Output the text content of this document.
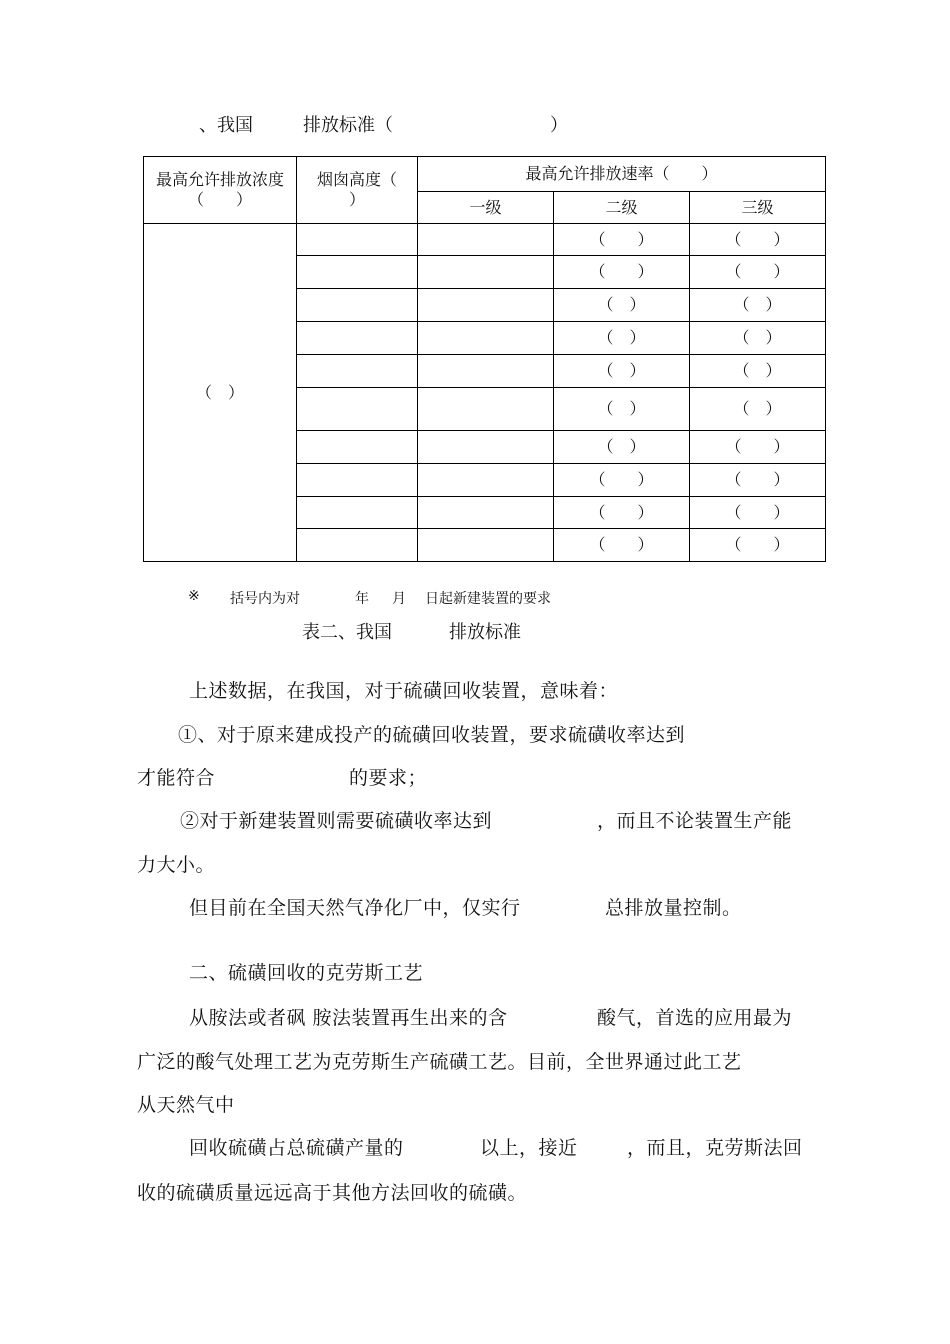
、我国	排放标准（	）
最高允许排放浓度（　　）	烟囱高度（ ）	最高允许排放速率（　　）		
		一级	二级	三级
（　）			（　　）	（　　）
			（　　）	（　　）
			（　）	（　）
			（　）	（　）
			（　）	（　）
			（　）	（　）
			（　）	（　　）
			（　　）	（　　）
			（　　）	（　　）
			（　　）	（　　）
※ 括号内为对	年 月 日起新建装置的要求
表二、我国	排放标准
上述数据，在我国，对于硫磺回收装置，意味着：
①、对于原来建成投产的硫磺回收装置，要求硫磺收率达到
才能符合	的要求；
②对于新建装置则需要硫磺收率达到	，而且不论装置生产能
力大小。
但目前在全国天然气净化厂中，仅实行	总排放量控制。
二、硫磺回收的克劳斯工艺
从胺法或者砜 胺法装置再生出来的含	酸气，首选的应用最为
广泛的酸气处理工艺为克劳斯生产硫磺工艺。目前，全世界通过此工艺
从天然气中
回收硫磺占总硫磺产量的	以上，接近	，而且，克劳斯法回
收的硫磺质量远远高于其他方法回收的硫磺。
